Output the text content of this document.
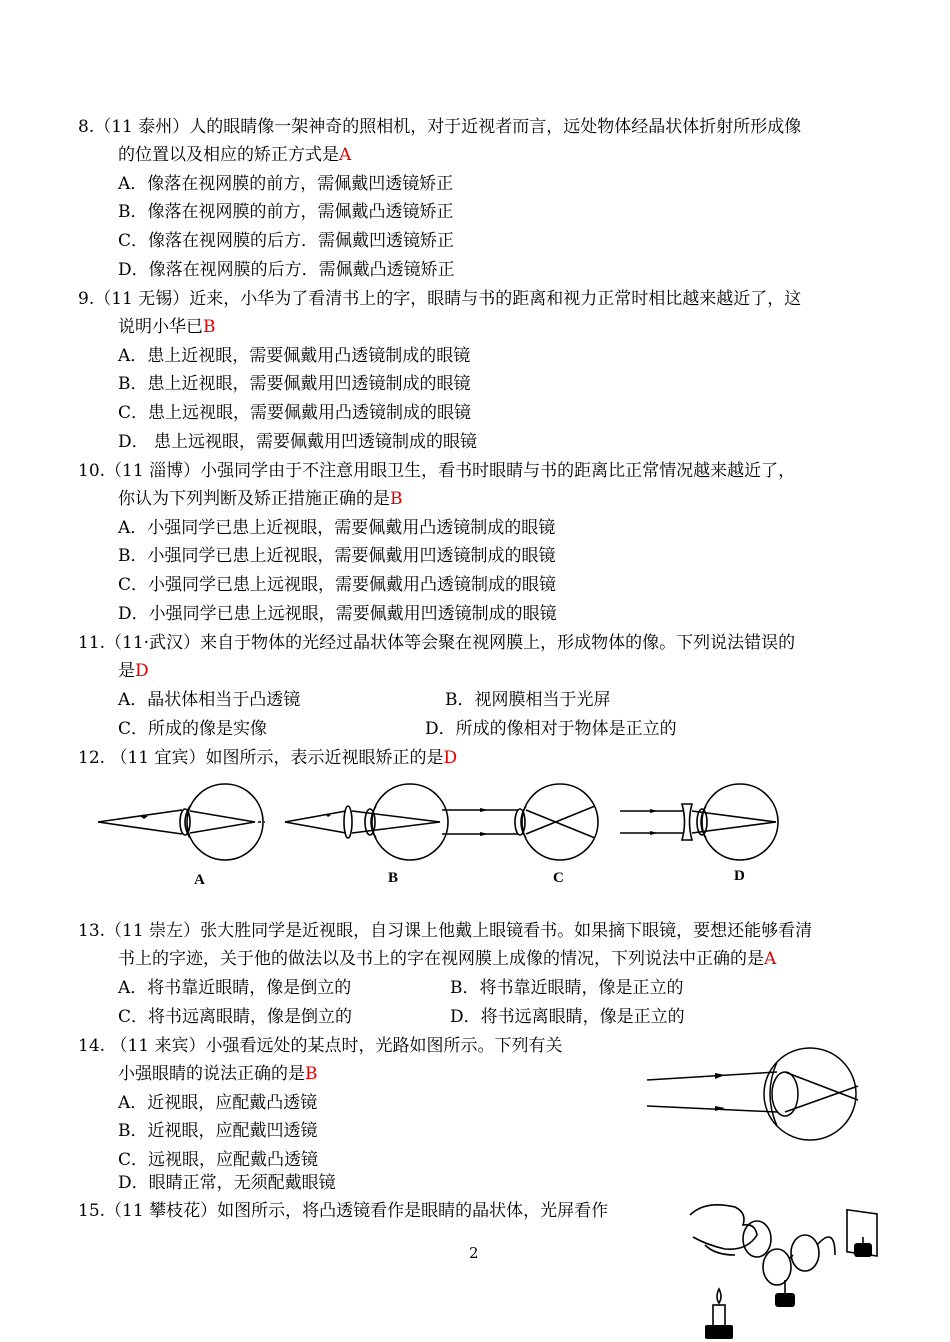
8.（11 泰州）人的眼睛像一架神奇的照相机，对于近视者而言，远处物体经晶状体折射所形成像
的位置以及相应的矫正方式是A
A．像落在视网膜的前方，需佩戴凹透镜矫正
B．像落在视网膜的前方，需佩戴凸透镜矫正
C．像落在视网膜的后方．需佩戴凹透镜矫正
D．像落在视网膜的后方．需佩戴凸透镜矫正
9.（11 无锡）近来，小华为了看清书上的字，眼睛与书的距离和视力正常时相比越来越近了，这
说明小华已B
A．患上近视眼，需要佩戴用凸透镜制成的眼镜
B．患上近视眼，需要佩戴用凹透镜制成的眼镜
C．患上远视眼，需要佩戴用凸透镜制成的眼镜
D． 患上远视眼，需要佩戴用凹透镜制成的眼镜
10.（11 淄博）小强同学由于不注意用眼卫生，看书时眼睛与书的距离比正常情况越来越近了，
你认为下列判断及矫正措施正确的是B
A．小强同学已患上近视眼，需要佩戴用凸透镜制成的眼镜
B．小强同学已患上近视眼，需要佩戴用凹透镜制成的眼镜
C．小强同学已患上远视眼，需要佩戴用凸透镜制成的眼镜
D．小强同学已患上远视眼，需要佩戴用凹透镜制成的眼镜
11.（11·武汉）来自于物体的光经过晶状体等会聚在视网膜上，形成物体的像。下列说法错误的
是D
A．晶状体相当于凸透镜	B．视网膜相当于光屏
C．所成的像是实像	D．所成的像相对于物体是正立的
12. （11 宜宾）如图所示，表示近视眼矫正的是D
A	B	C	D
13.（11 崇左）张大胜同学是近视眼，自习课上他戴上眼镜看书。如果摘下眼镜，要想还能够看清
书上的字迹，关于他的做法以及书上的字在视网膜上成像的情况，下列说法中正确的是A
A．将书靠近眼睛，像是倒立的	B．将书靠近眼睛，像是正立的
C．将书远离眼睛，像是倒立的	D．将书远离眼睛，像是正立的
14. （11 来宾）小强看远处的某点时，光路如图所示。下列有关
小强眼睛的说法正确的是B
A．近视眼，应配戴凸透镜
B．近视眼，应配戴凹透镜
C．远视眼，应配戴凸透镜
D．眼睛正常，无须配戴眼镜
15.（11 攀枝花）如图所示，将凸透镜看作是眼睛的晶状体，光屏看作
2
